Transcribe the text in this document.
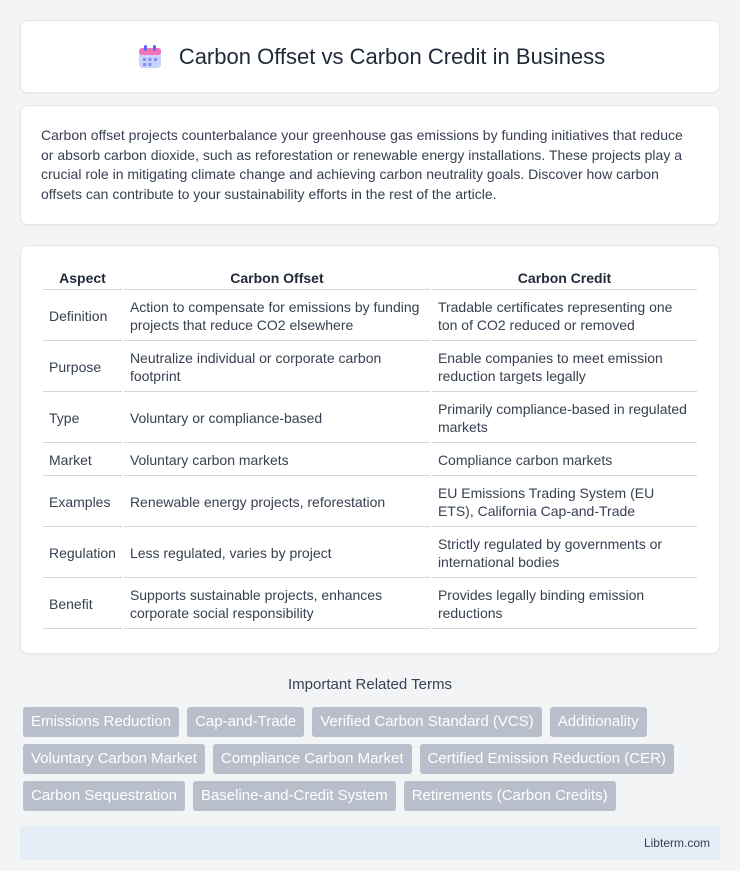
Carbon Offset vs Carbon Credit in Business

Carbon offset projects counterbalance your greenhouse gas emissions by funding initiatives that reduce or absorb carbon dioxide, such as reforestation or renewable energy installations. These projects play a crucial role in mitigating climate change and achieving carbon neutrality goals. Discover how carbon offsets can contribute to your sustainability efforts in the rest of the article.

Aspect	Carbon Offset	Carbon Credit
Definition	Action to compensate for emissions by funding projects that reduce CO2 elsewhere	Tradable certificates representing one ton of CO2 reduced or removed
Purpose	Neutralize individual or corporate carbon footprint	Enable companies to meet emission reduction targets legally
Type	Voluntary or compliance-based	Primarily compliance-based in regulated markets
Market	Voluntary carbon markets	Compliance carbon markets
Examples	Renewable energy projects, reforestation	EU Emissions Trading System (EU ETS), California Cap-and-Trade
Regulation	Less regulated, varies by project	Strictly regulated by governments or international bodies
Benefit	Supports sustainable projects, enhances corporate social responsibility	Provides legally binding emission reductions
Important Related Terms
Emissions Reduction	Cap-and-Trade	Verified Carbon Standard (VCS)	Additionality
Voluntary Carbon Market	Compliance Carbon Market	Certified Emission Reduction (CER)
Carbon Sequestration	Baseline-and-Credit System	Retirements (Carbon Credits)
Libterm.com
